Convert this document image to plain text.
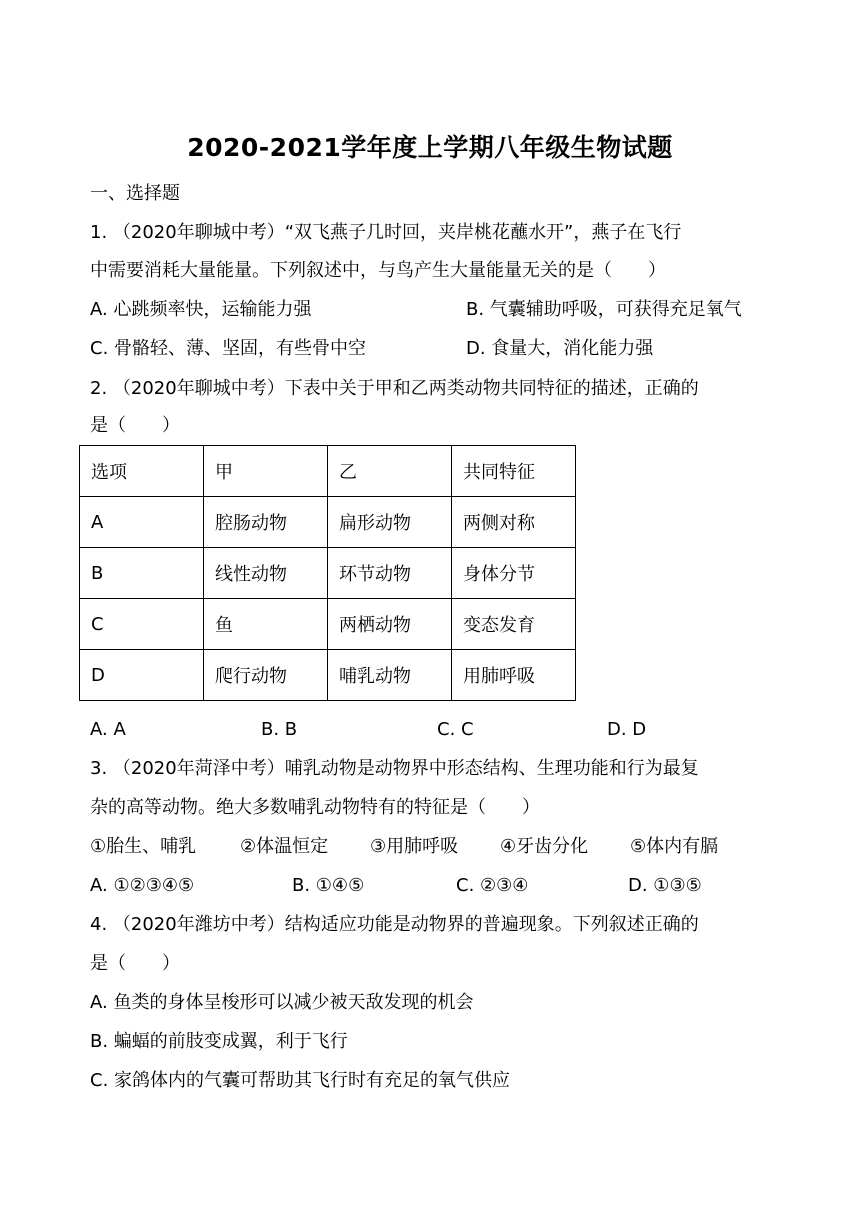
2020-2021学年度上学期八年级生物试题
一、选择题
1. （2020年聊城中考）“双飞燕子几时回，夹岸桃花蘸水开”，燕子在飞行
中需要消耗大量能量。下列叙述中，与鸟产生大量能量无关的是（　　）
A. 心跳频率快，运输能力强	B. 气囊辅助呼吸，可获得充足氧气
C. 骨骼轻、薄、坚固，有些骨中空	D. 食量大，消化能力强
2. （2020年聊城中考）下表中关于甲和乙两类动物共同特征的描述，正确的
是（　　）
选项	甲	乙	共同特征
A	腔肠动物	扁形动物	两侧对称
B	线性动物	环节动物	身体分节
C	鱼	两栖动物	变态发育
D	爬行动物	哺乳动物	用肺呼吸
A. A	B. B	C. C	D. D
3. （2020年菏泽中考）哺乳动物是动物界中形态结构、生理功能和行为最复
杂的高等动物。绝大多数哺乳动物特有的特征是（　　）
①胎生、哺乳 ②体温恒定 ③用肺呼吸 ④牙齿分化 ⑤体内有膈
A. ①②③④⑤	B. ①④⑤	C. ②③④	D. ①③⑤
4. （2020年潍坊中考）结构适应功能是动物界的普遍现象。下列叙述正确的
是（　　）
A. 鱼类的身体呈梭形可以减少被天敌发现的机会
B. 蝙蝠的前肢变成翼，利于飞行
C. 家鸽体内的气囊可帮助其飞行时有充足的氧气供应
